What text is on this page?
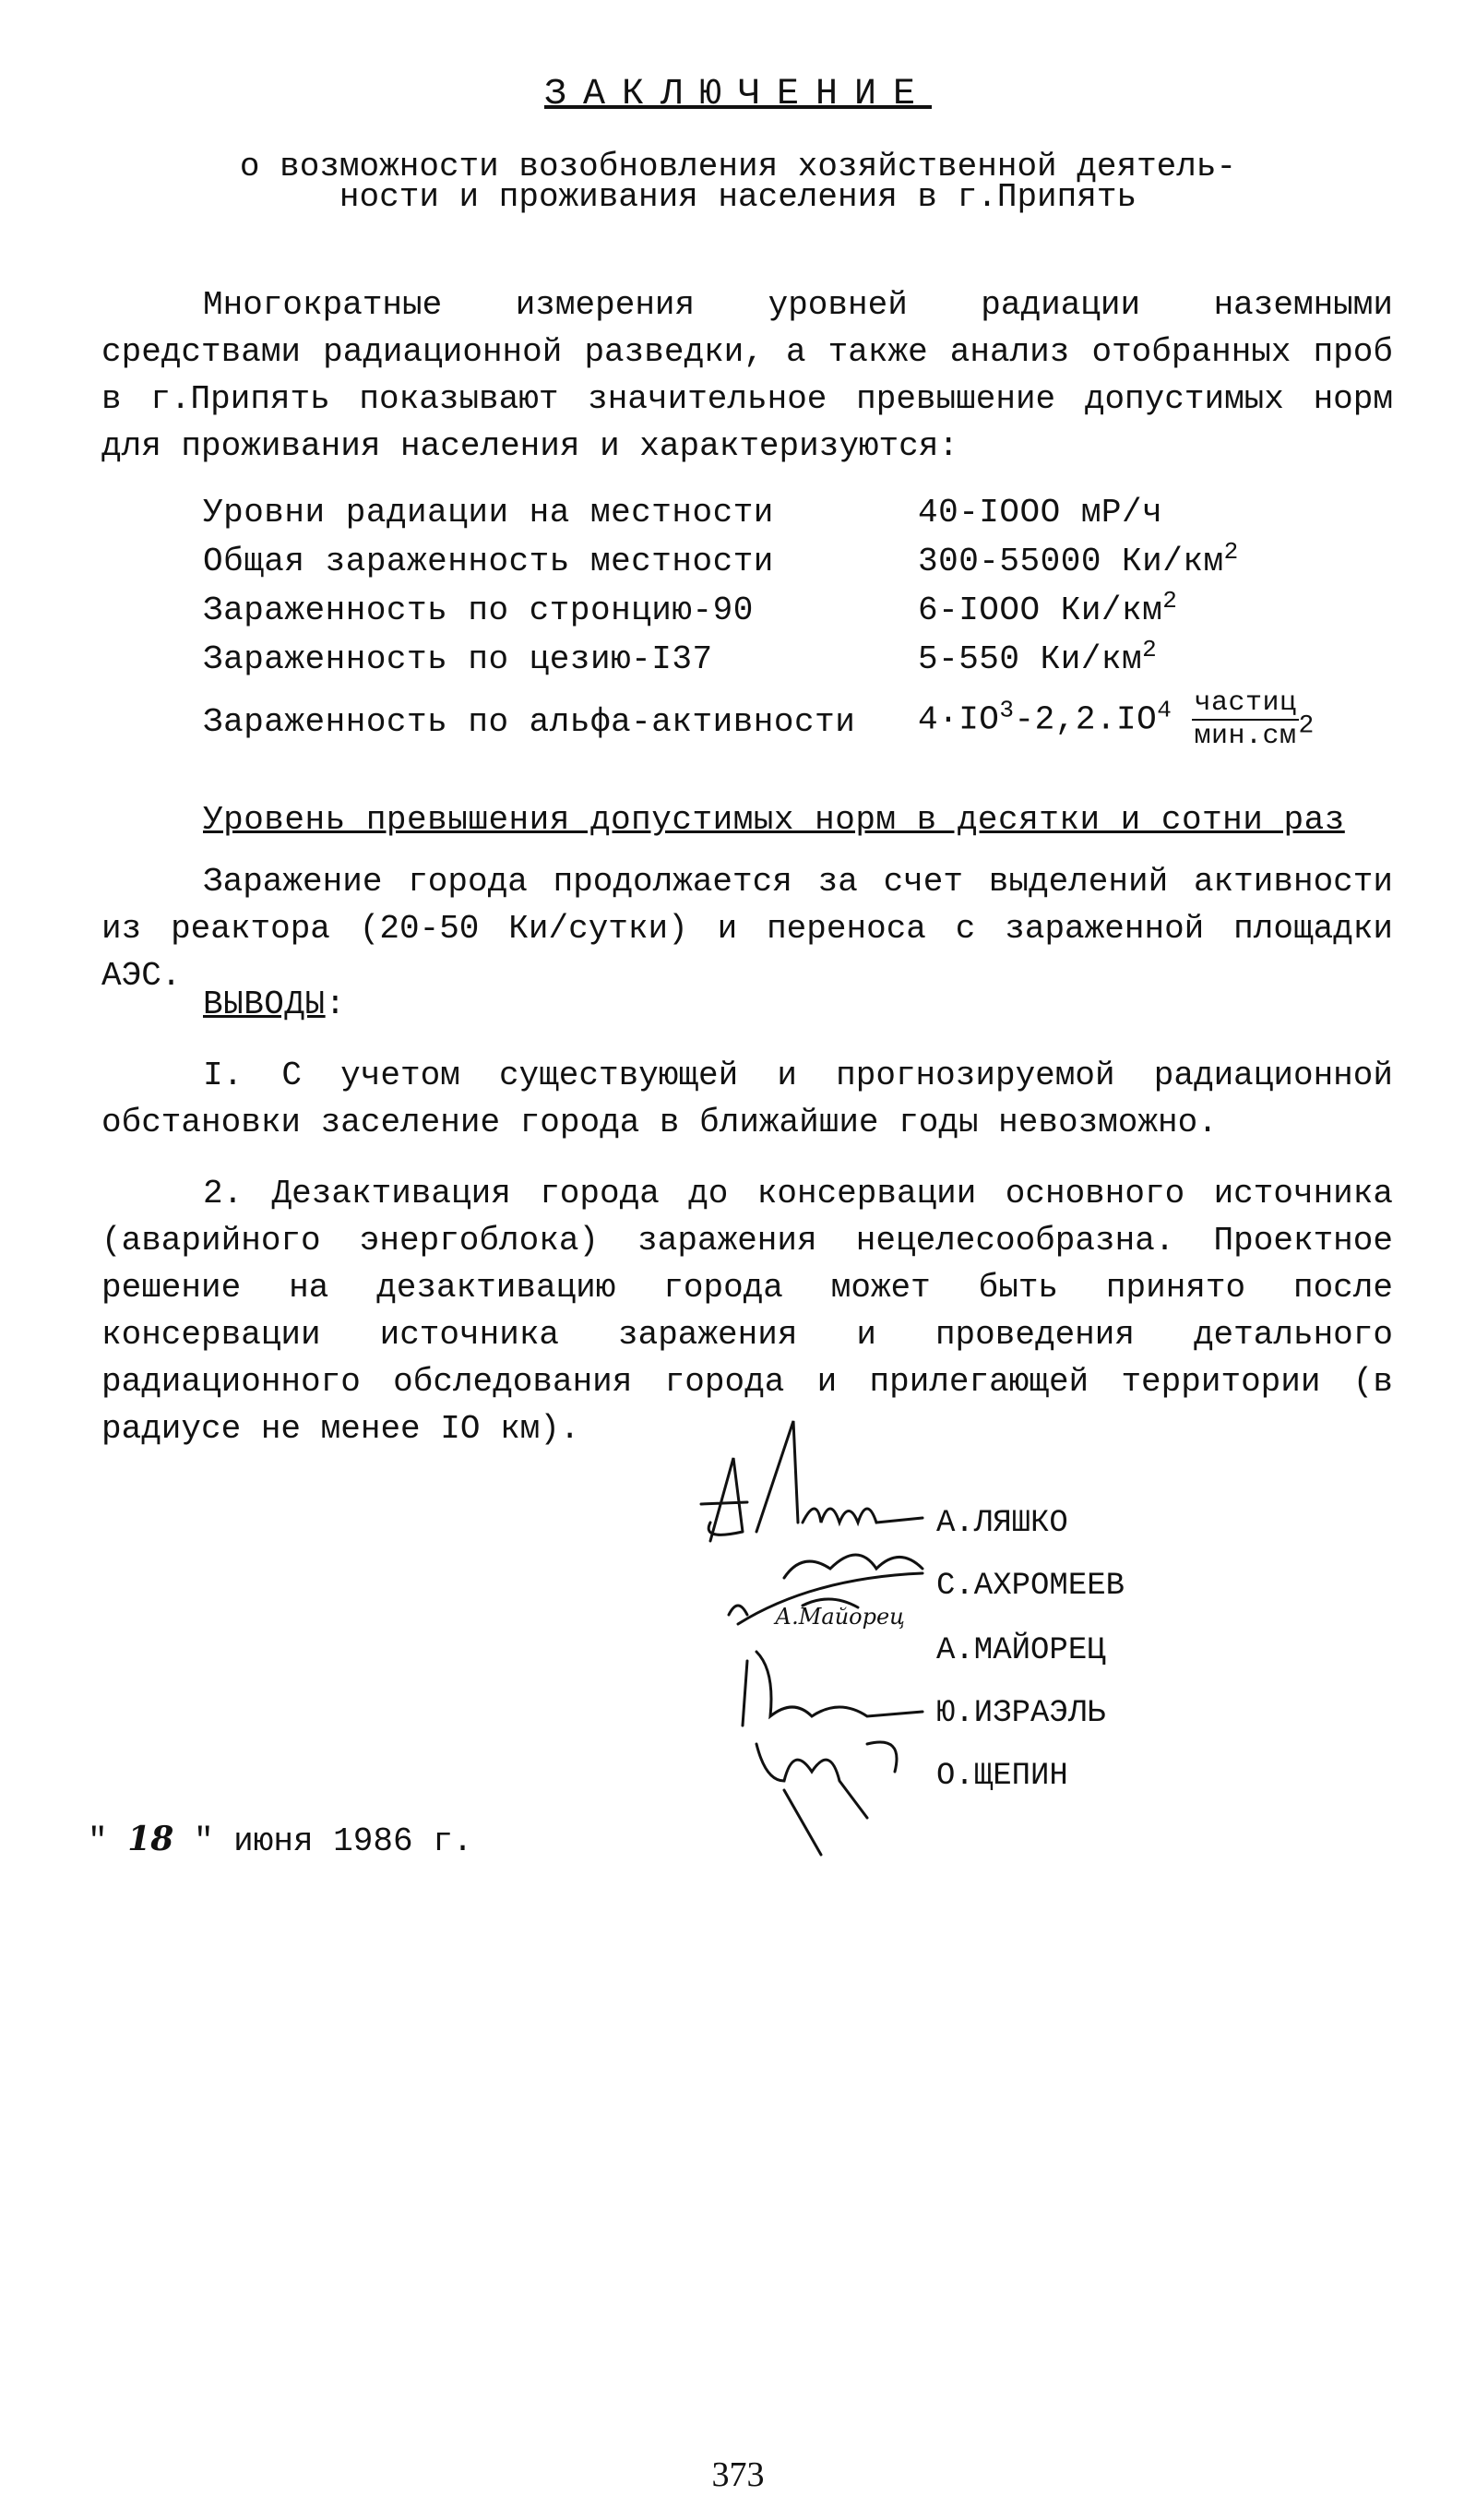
ЗАКЛЮЧЕНИЕ
о возможности возобновления хозяйственной деятель-
ности и проживания населения в г.Припять

Многократные измерения уровней радиации наземными средствами радиационной разведки, а также анализ отобранных проб в г.Припять показывают значительное превышение допустимых норм для проживания населения и характеризуются:

Уровни радиации на местности	40-IOOO мР/ч
Общая зараженность местности	300-55000 $Ки/км^2$
Зараженность по стронцию-90	6-IOOO $Ки/км^2$
Зараженность по цезию-I37	5-550 $Ки/км^2$
Зараженность по альфа-активности $4\cdot IO^3-2,2.IO^4 \frac{\text{частиц}}{\text{мин.см}} 2$
Уровень превышения допустимых норм в десятки и сотни раз

Заражение города продолжается за счет выделений активности из реактора (20-50 Ки/сутки) и переноса с зараженной площадки АЭС.

ВЫВОДЫ:

I. С учетом существующей и прогнозируемой радиационной обстановки заселение города в ближайшие годы невозможно.

2. Дезактивация города до консервации основного источника (аварийного энергоблока) заражения нецелесообразна. Проектное решение на дезактивацию города может быть принято после консервации источника заражения и проведения детального радиационного обследования города и прилегающей территории (в радиусе не менее IO км).

А.Майорец
А.ЛЯШКО
С.АХРОМЕЕВ
А.МАЙОРЕЦ
Ю.ИЗРАЭЛЬ
О.ЩЕПИН
" 18 " июня 1986 г.
373
